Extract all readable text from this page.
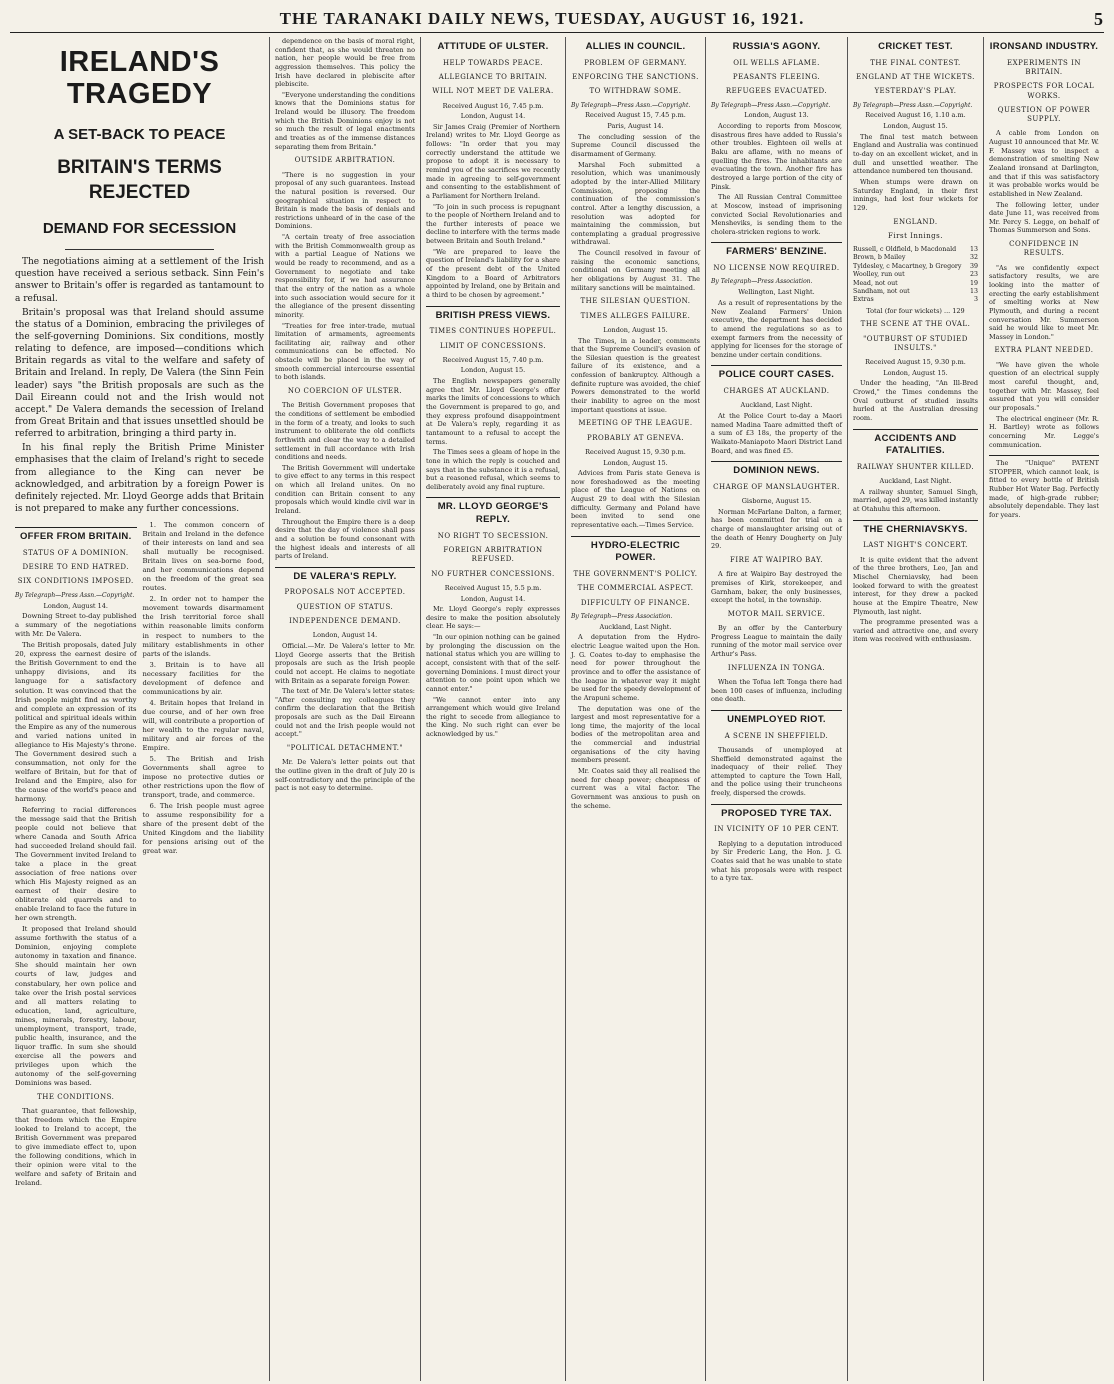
THE TARANAKI DAILY NEWS, TUESDAY, AUGUST 16, 1921.	5
IRELAND'S TRAGEDY
A SET-BACK TO PEACE
BRITAIN'S TERMS REJECTED
DEMAND FOR SECESSION

The negotiations aiming at a settlement of the Irish question have received a serious setback. Sinn Fein's answer to Britain's offer is regarded as tantamount to a refusal.

Britain's proposal was that Ireland should assume the status of a Dominion, embracing the privileges of the self-governing Dominions. Six conditions, mostly relating to defence, are imposed—conditions which Britain regards as vital to the welfare and safety of Britain and Ireland. In reply, De Valera (the Sinn Fein leader) says "the British proposals are such as the Dail Eireann could not and the Irish would not accept." De Valera demands the secession of Ireland from Great Britain and that issues unsettled should be referred to arbitration, bringing a third party in.

In his final reply the British Prime Minister emphasises that the claim of Ireland's right to secede from allegiance to the King can never be acknowledged, and arbitration by a foreign Power is definitely rejected. Mr. Lloyd George adds that Britain is not prepared to make any further concessions.

OFFER FROM BRITAIN.
STATUS OF A DOMINION.
DESIRE TO END HATRED.
SIX CONDITIONS IMPOSED.
By Telegraph—Press Assn.—Copyright.
London, August 14.

Downing Street to-day published a summary of the negotiations with Mr. De Valera.

The British proposals, dated July 20, express the earnest desire of the British Government to end the unhappy divisions, and its language for a satisfactory solution. It was convinced that the Irish people might find as worthy and complete an expression of its political and spiritual ideals within the Empire as any of the numerous and varied nations united in allegiance to His Majesty's throne. The Government desired such a consummation, not only for the welfare of Britain, but for that of Ireland and the Empire, also for the cause of the world's peace and harmony.

Referring to racial differences the message said that the British people could not believe that where Canada and South Africa had succeeded Ireland should fail. The Government invited Ireland to take a place in the great association of free nations over which His Majesty reigned as an earnest of their desire to obliterate old quarrels and to enable Ireland to face the future in her own strength.

It proposed that Ireland should assume forthwith the status of a Dominion, enjoying complete autonomy in taxation and finance. She should maintain her own courts of law, judges and constabulary, her own police and take over the Irish postal services and all matters relating to education, land, agriculture, mines, minerals, forestry, labour, unemployment, transport, trade, public health, insurance, and the liquor traffic. In sum she should exercise all the powers and privileges upon which the autonomy of the self-governing Dominions was based.

THE CONDITIONS.

That guarantee, that fellowship, that freedom which the Empire looked to Ireland to accept, the British Government was prepared to give immediate effect to, upon the following conditions, which in their opinion were vital to the welfare and safety of Britain and Ireland.

1. The common concern of Britain and Ireland in the defence of their interests on land and sea shall mutually be recognised. Britain lives on sea-borne food, and her communications depend on the freedom of the great sea routes.

2. In order not to hamper the movement towards disarmament the Irish territorial force shall within reasonable limits conform in respect to numbers to the military establishments in other parts of the islands.

3. Britain is to have all necessary facilities for the development of defence and communications by air.

4. Britain hopes that Ireland in due course, and of her own free will, will contribute a proportion of her wealth to the regular naval, military and air forces of the Empire.

5. The British and Irish Governments shall agree to impose no protective duties or other restrictions upon the flow of transport, trade, and commerce.

6. The Irish people must agree to assume responsibility for a share of the present debt of the United Kingdom and the liability for pensions arising out of the great war.

dependence on the basis of moral right, confident that, as she would threaten no nation, her people would be free from aggression themselves. This policy the Irish have declared in plebiscite after plebiscite.

"Everyone understanding the conditions knows that the Dominions status for Ireland would be illusory. The freedom which the British Dominions enjoy is not so much the result of legal enactments and treaties as of the immense distances separating them from Britain."

OUTSIDE ARBITRATION.

"There is no suggestion in your proposal of any such guarantees. Instead the natural position is reversed. Our geographical situation in respect to Britain is made the basis of denials and restrictions unheard of in the case of the Dominions.

"A certain treaty of free association with the British Commonwealth group as with a partial League of Nations we would be ready to recommend, and as a Government to negotiate and take responsibility for, if we had assurance that the entry of the nation as a whole into such association would secure for it the allegiance of the present dissenting minority.

"Treaties for free inter-trade, mutual limitation of armaments, agreements facilitating air, railway and other communications can be effected. No obstacle will be placed in the way of smooth commercial intercourse essential to both islands.

NO COERCION OF ULSTER.

The British Government proposes that the conditions of settlement be embodied in the form of a treaty, and looks to such instrument to obliterate the old conflicts forthwith and clear the way to a detailed settlement in full accordance with Irish conditions and needs.

The British Government will undertake to give effect to any terms in this respect on which all Ireland unites. On no condition can Britain consent to any proposals which would kindle civil war in Ireland.

Throughout the Empire there is a deep desire that the day of violence shall pass and a solution be found consonant with the highest ideals and interests of all parts of Ireland.

DE VALERA'S REPLY.
PROPOSALS NOT ACCEPTED.
QUESTION OF STATUS.
INDEPENDENCE DEMAND.
London, August 14.

Official.—Mr. De Valera's letter to Mr. Lloyd George asserts that the British proposals are such as the Irish people could not accept. He claims to negotiate with Britain as a separate foreign Power.

The text of Mr. De Valera's letter states: "After consulting my colleagues they confirm the declaration that the British proposals are such as the Dail Eireann could not and the Irish people would not accept."

"POLITICAL DETACHMENT."

Mr. De Valera's letter points out that the outline given in the draft of July 20 is self-contradictory and the principle of the pact is not easy to determine.

ATTITUDE OF ULSTER.
HELP TOWARDS PEACE.
ALLEGIANCE TO BRITAIN.
WILL NOT MEET DE VALERA.
Received August 16, 7.45 p.m.
London, August 14.

Sir James Craig (Premier of Northern Ireland) writes to Mr. Lloyd George as follows: "In order that you may correctly understand the attitude we propose to adopt it is necessary to remind you of the sacrifices we recently made in agreeing to self-government and consenting to the establishment of a Parliament for Northern Ireland.

"To join in such process is repugnant to the people of Northern Ireland and to the further interests of peace we decline to interfere with the terms made between Britain and South Ireland."

"We are prepared to leave the question of Ireland's liability for a share of the present debt of the United Kingdom to a Board of Arbitrators appointed by Ireland, one by Britain and a third to be chosen by agreement."

BRITISH PRESS VIEWS.
TIMES CONTINUES HOPEFUL.
LIMIT OF CONCESSIONS.
Received August 15, 7.40 p.m.
London, August 15.

The English newspapers generally agree that Mr. Lloyd George's offer marks the limits of concessions to which the Government is prepared to go, and they express profound disappointment at De Valera's reply, regarding it as tantamount to a refusal to accept the terms.

The Times sees a gleam of hope in the tone in which the reply is couched and says that in the substance it is a refusal, but a reasoned refusal, which seems to deliberately avoid any final rupture.

MR. LLOYD GEORGE'S REPLY.
NO RIGHT TO SECESSION.
FOREIGN ARBITRATION REFUSED.
NO FURTHER CONCESSIONS.
Received August 15, 5.5 p.m.
London, August 14.

Mr. Lloyd George's reply expresses desire to make the position absolutely clear. He says:—

"In our opinion nothing can be gained by prolonging the discussion on the national status which you are willing to accept, consistent with that of the self-governing Dominions. I must direct your attention to one point upon which we cannot enter."

"We cannot enter into any arrangement which would give Ireland the right to secede from allegiance to the King. No such right can ever be acknowledged by us."

ALLIES IN COUNCIL.
PROBLEM OF GERMANY.
ENFORCING THE SANCTIONS.
TO WITHDRAW SOME.
By Telegraph—Press Assn.—Copyright.
Received August 15, 7.45 p.m.
Paris, August 14.

The concluding session of the Supreme Council discussed the disarmament of Germany.

Marshal Foch submitted a resolution, which was unanimously adopted by the inter-Allied Military Commission, proposing the continuation of the commission's control. After a lengthy discussion, a resolution was adopted for maintaining the commission, but contemplating a gradual progressive withdrawal.

The Council resolved in favour of raising the economic sanctions, conditional on Germany meeting all her obligations by August 31. The military sanctions will be maintained.

THE SILESIAN QUESTION.
TIMES ALLEGES FAILURE.
London, August 15.

The Times, in a leader, comments that the Supreme Council's evasion of the Silesian question is the greatest failure of its existence, and a confession of bankruptcy. Although a definite rupture was avoided, the chief Powers demonstrated to the world their inability to agree on the most important questions at issue.

MEETING OF THE LEAGUE.
PROBABLY AT GENEVA.
Received August 15, 9.30 p.m.
London, August 15.

Advices from Paris state Geneva is now foreshadowed as the meeting place of the League of Nations on August 29 to deal with the Silesian difficulty. Germany and Poland have been invited to send one representative each.—Times Service.

HYDRO-ELECTRIC POWER.
THE GOVERNMENT'S POLICY.
THE COMMERCIAL ASPECT.
DIFFICULTY OF FINANCE.
By Telegraph—Press Association.
Auckland, Last Night.

A deputation from the Hydro-electric League waited upon the Hon. J. G. Coates to-day to emphasise the need for power throughout the province and to offer the assistance of the league in whatever way it might be used for the speedy development of the Arapuni scheme.

The deputation was one of the largest and most representative for a long time, the majority of the local bodies of the metropolitan area and the commercial and industrial organisations of the city having members present.

Mr. Coates said they all realised the need for cheap power; cheapness of current was a vital factor. The Government was anxious to push on the scheme.

RUSSIA'S AGONY.
OIL WELLS AFLAME.
PEASANTS FLEEING.
REFUGEES EVACUATED.
By Telegraph—Press Assn.—Copyright.
London, August 13.

According to reports from Moscow, disastrous fires have added to Russia's other troubles. Eighteen oil wells at Baku are aflame, with no means of quelling the fires. The inhabitants are evacuating the town. Another fire has destroyed a large portion of the city of Pinsk.

The All Russian Central Committee at Moscow, instead of imprisoning convicted Social Revolutionaries and Mensheviks, is sending them to the cholera-stricken regions to work.

FARMERS' BENZINE.
NO LICENSE NOW REQUIRED.
By Telegraph—Press Association.
Wellington, Last Night.

As a result of representations by the New Zealand Farmers' Union executive, the department has decided to amend the regulations so as to exempt farmers from the necessity of applying for licenses for the storage of benzine under certain conditions.

POLICE COURT CASES.
CHARGES AT AUCKLAND.
Auckland, Last Night.

At the Police Court to-day a Maori named Madina Taare admitted theft of a sum of £3 18s, the property of the Waikato-Maniapoto Maori District Land Board, and was fined £5.

DOMINION NEWS.
CHARGE OF MANSLAUGHTER.
Gisborne, August 15.

Norman McFarlane Dalton, a farmer, has been committed for trial on a charge of manslaughter arising out of the death of Henry Dougherty on July 29.

FIRE AT WAIPIRO BAY.

A fire at Waipiro Bay destroyed the premises of Kirk, storekeeper, and Garnham, baker, the only businesses, except the hotel, in the township.

MOTOR MAIL SERVICE.

By an offer by the Canterbury Progress League to maintain the daily running of the motor mail service over Arthur's Pass.

INFLUENZA IN TONGA.

When the Tofua left Tonga there had been 100 cases of influenza, including one death.

UNEMPLOYED RIOT.
A SCENE IN SHEFFIELD.

Thousands of unemployed at Sheffield demonstrated against the inadequacy of their relief. They attempted to capture the Town Hall, and the police using their truncheons freely, dispersed the crowds.

PROPOSED TYRE TAX.
IN VICINITY OF 10 PER CENT.

Replying to a deputation introduced by Sir Frederic Lang, the Hon. J. G. Coates said that he was unable to state what his proposals were with respect to a tyre tax.

CRICKET TEST.
THE FINAL CONTEST.
ENGLAND AT THE WICKETS.
YESTERDAY'S PLAY.
By Telegraph—Press Assn.—Copyright.
Received August 16, 1.10 a.m.
London, August 15.

The final test match between England and Australia was continued to-day on an excellent wicket, and in dull and unsettled weather. The attendance numbered ten thousand.

When stumps were drawn on Saturday England, in their first innings, had lost four wickets for 129.

ENGLAND.
First Innings.
Russell, c Oldfield, b Macdonald	13
Brown, b Mailey	32
Tyldesley, c Macartney, b Gregory	39
Woolley, run out	23
Mead, not out	19
Sandham, not out	13
Extras	3
Total (for four wickets) ... 129
THE SCENE AT THE OVAL.
"OUTBURST OF STUDIED INSULTS."
Received August 15, 9.30 p.m.
London, August 15.

Under the heading, "An Ill-Bred Crowd," the Times condemns the Oval outburst of studied insults hurled at the Australian dressing room.

ACCIDENTS AND FATALITIES.
RAILWAY SHUNTER KILLED.
Auckland, Last Night.

A railway shunter, Samuel Singh, married, aged 29, was killed instantly at Otahuhu this afternoon.

THE CHERNIAVSKYS.
LAST NIGHT'S CONCERT.

It is quite evident that the advent of the three brothers, Leo, Jan and Mischel Cherniavsky, had been looked forward to with the greatest interest, for they drew a packed house at the Empire Theatre, New Plymouth, last night.

The programme presented was a varied and attractive one, and every item was received with enthusiasm.

IRONSAND INDUSTRY.
EXPERIMENTS IN BRITAIN.
PROSPECTS FOR LOCAL WORKS.
QUESTION OF POWER SUPPLY.

A cable from London on August 10 announced that Mr. W. F. Massey was to inspect a demonstration of smelting New Zealand ironsand at Darlington, and that if this was satisfactory it was probable works would be established in New Zealand.

The following letter, under date June 11, was received from Mr. Percy S. Legge, on behalf of Thomas Summerson and Sons.

CONFIDENCE IN RESULTS.

"As we confidently expect satisfactory results, we are looking into the matter of erecting the early establishment of smelting works at New Plymouth, and during a recent conversation Mr. Summerson said he would like to meet Mr. Massey in London."

EXTRA PLANT NEEDED.

"We have given the whole question of an electrical supply most careful thought, and, together with Mr. Massey, feel assured that you will consider our proposals."

The electrical engineer (Mr. R. H. Bartley) wrote as follows concerning Mr. Legge's communication.

The "Unique" PATENT STOPPER, which cannot leak, is fitted to every bottle of British Rubber Hot Water Bag. Perfectly made, of high-grade rubber; absolutely dependable. They last for years.
